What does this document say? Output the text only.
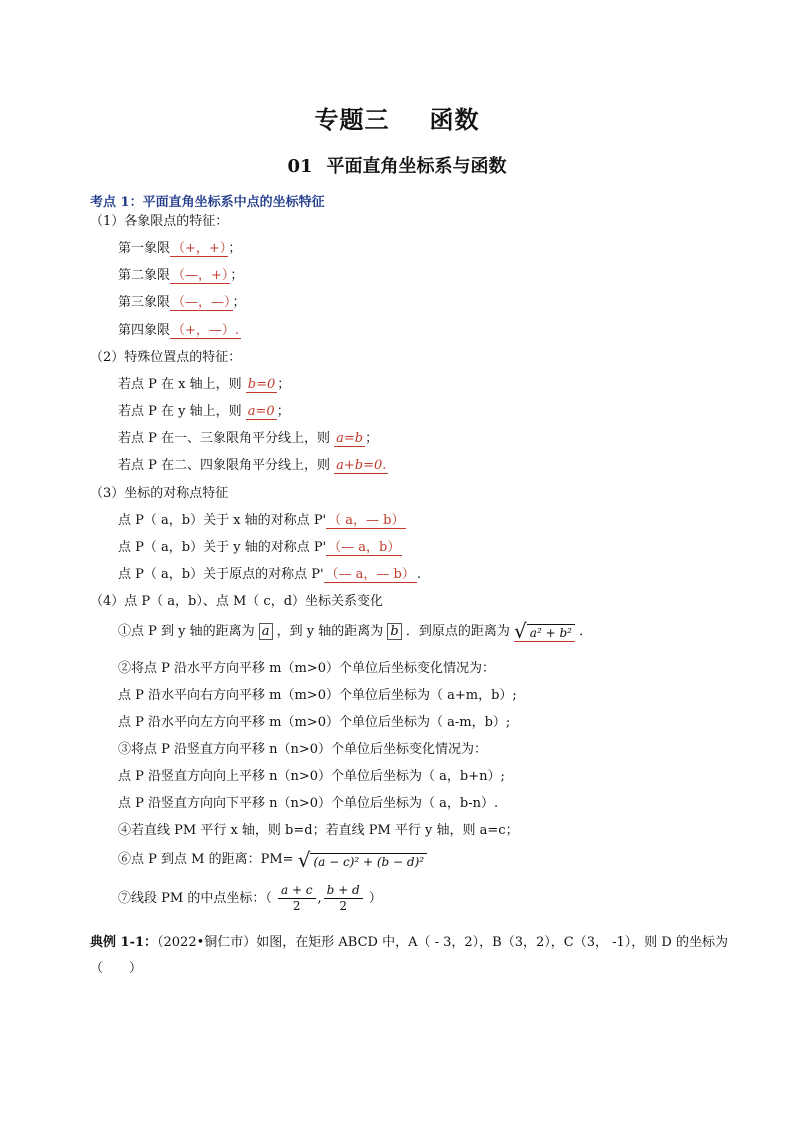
专题三 函数
01 平面直角坐标系与函数
考点 1：平面直角坐标系中点的坐标特征
（1）各象限点的特征：
第一象限 （+，+） ；
第二象限 （—，+） ；
第三象限 （—，—） ；
第四象限 （+，—）.
（2）特殊位置点的特征：
若点 P 在 x 轴上，则 b=0 ；
若点 P 在 y 轴上，则 a=0 ；
若点 P 在一、三象限角平分线上，则 a=b ；
若点 P 在二、四象限角平分线上，则 a+b=0.
（3）坐标的对称点特征
点 P（ a，b）关于 x 轴的对称点 P' （ a，— b）
点 P（ a，b）关于 y 轴的对称点 P' （— a，b）
点 P（ a，b）关于原点的对称点 P' （— a，— b） .
（4）点 P（ a，b）、点 M（ c，d）坐标关系变化
①点 P 到 y 轴的距离为 a ，到 y 轴的距离为 b ．到原点的距离为 √ a² + b² ．
②将点 P 沿水平方向平移 m（m>0）个单位后坐标变化情况为：
点 P 沿水平向右方向平移 m（m>0）个单位后坐标为（ a+m，b）;
点 P 沿水平向左方向平移 m（m>0）个单位后坐标为（ a-m，b）;
③将点 P 沿竖直方向平移 n（n>0）个单位后坐标变化情况为：
点 P 沿竖直方向向上平移 n（n>0）个单位后坐标为（ a，b+n）;
点 P 沿竖直方向向下平移 n（n>0）个单位后坐标为（ a，b-n）.
④若直线 PM 平行 x 轴，则 b=d；若直线 PM 平行 y 轴，则 a=c；
⑥点 P 到点 M 的距离：PM= √ (a − c)² + (b − d)²
⑦线段 PM 的中点坐标：（ $\frac{a + c}{2}$ , $\frac{b + d}{2}$ ）
典例 1-1：（2022•铜仁市）如图，在矩形 ABCD 中，A（ - 3，2），B（3，2），C（3， -1），则 D 的坐标为（　　）
